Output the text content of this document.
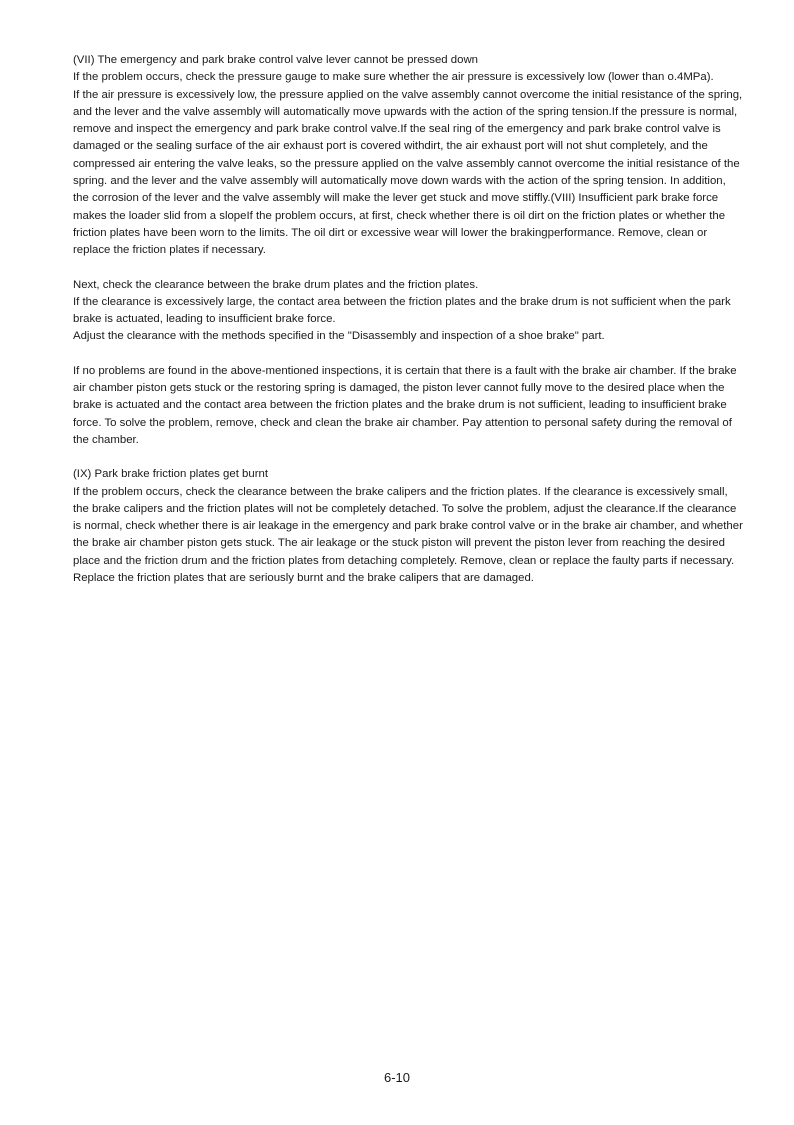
(VII) The emergency and park brake control valve lever cannot be pressed down

If the problem occurs, check the pressure gauge to make sure whether the air pressure is excessively low (lower than o.4MPa).

If the air pressure is excessively low, the pressure applied on the valve assembly cannot overcome the initial resistance of the spring, and the lever and the valve assembly will automatically move upwards with the action of the spring tension.If the pressure is normal, remove and inspect the emergency and park brake control valve.If the seal ring of the emergency and park brake control valve is damaged or the sealing surface of the air exhaust port is covered withdirt, the air exhaust port will not shut completely, and the compressed air entering the valve leaks, so the pressure applied on the valve assembly cannot overcome the initial resistance of the spring. and the lever and the valve assembly will automatically move down wards with the action of the spring tension. In addition, the corrosion of the lever and the valve assembly will make the lever get stuck and move stiffly.(VIII) Insufficient park brake force makes the loader slid from a slopeIf the problem occurs, at first, check whether there is oil dirt on the friction plates or whether the friction plates have been worn to the limits. The oil dirt or excessive wear will lower the brakingperformance. Remove, clean or replace the friction plates if necessary.

Next, check the clearance between the brake drum plates and the friction plates.

If the clearance is excessively large, the contact area between the friction plates and the brake drum is not sufficient when the park brake is actuated, leading to insufficient brake force.

Adjust the clearance with the methods specified in the "Disassembly and inspection of a shoe brake" part.

If no problems are found in the above-mentioned inspections, it is certain that there is a fault with the brake air chamber. If the brake air chamber piston gets stuck or the restoring spring is damaged, the piston lever cannot fully move to the desired place when the brake is actuated and the contact area between the friction plates and the brake drum is not sufficient, leading to insufficient brake force. To solve the problem, remove, check and clean the brake air chamber. Pay attention to personal safety during the removal of the chamber.

(IX) Park brake friction plates get burnt

If the problem occurs, check the clearance between the brake calipers and the friction plates. If the clearance is excessively small, the brake calipers and the friction plates will not be completely detached. To solve the problem, adjust the clearance.If the clearance is normal, check whether there is air leakage in the emergency and park brake control valve or in the brake air chamber, and whether the brake air chamber piston gets stuck. The air leakage or the stuck piston will prevent the piston lever from reaching the desired place and the friction drum and the friction plates from detaching completely. Remove, clean or replace the faulty parts if necessary.

Replace the friction plates that are seriously burnt and the brake calipers that are damaged.

6-10
